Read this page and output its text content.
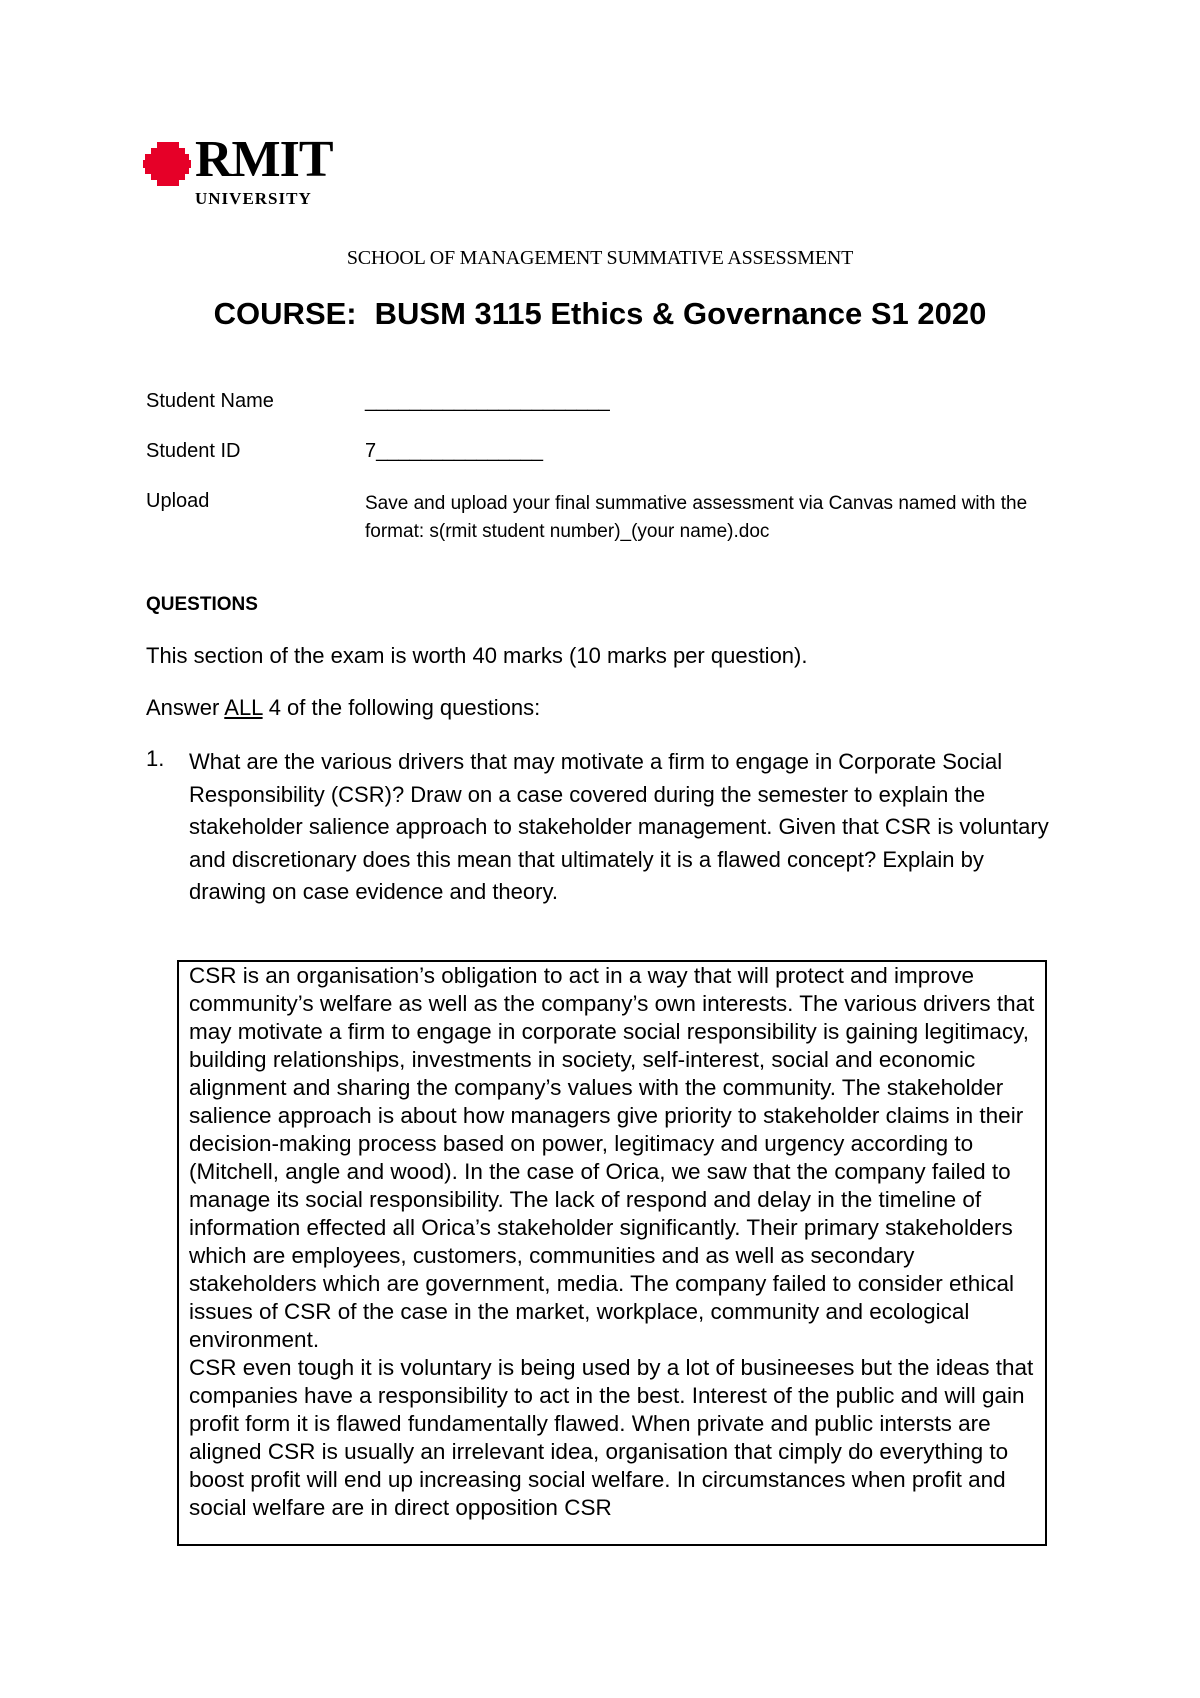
RMIT
UNIVERSITY
SCHOOL OF MANAGEMENT SUMMATIVE ASSESSMENT
COURSE: BUSM 3115 Ethics & Governance S1 2020
Student Name	______________________
Student ID	7_______________
Upload	Save and upload your final summative assessment via Canvas named with the format: s(rmit student number)_(your name).doc
QUESTIONS
This section of the exam is worth 40 marks (10 marks per question).
Answer ALL 4 of the following questions:
1. What are the various drivers that may motivate a firm to engage in Corporate Social Responsibility (CSR)? Draw on a case covered during the semester to explain the stakeholder salience approach to stakeholder management. Given that CSR is voluntary and discretionary does this mean that ultimately it is a flawed concept? Explain by drawing on case evidence and theory.

CSR is an organisation’s obligation to act in a way that will protect and improve community’s welfare as well as the company’s own interests. The various drivers that may motivate a firm to engage in corporate social responsibility is gaining legitimacy, building relationships, investments in society, self-interest, social and economic alignment and sharing the company’s values with the community. The stakeholder salience approach is about how managers give priority to stakeholder claims in their decision-making process based on power, legitimacy and urgency according to (Mitchell, angle and wood). In the case of Orica, we saw that the company failed to manage its social responsibility. The lack of respond and delay in the timeline of information effected all Orica’s stakeholder significantly. Their primary stakeholders which are employees, customers, communities and as well as secondary stakeholders which are government, media. The company failed to consider ethical issues of CSR of the case in the market, workplace, community and ecological environment.

CSR even tough it is voluntary is being used by a lot of busineeses but the ideas that companies have a responsibility to act in the best. Interest of the public and will gain profit form it is flawed fundamentally flawed. When private and public intersts are aligned CSR is usually an irrelevant idea, organisation that cimply do everything to boost profit will end up increasing social welfare. In circumstances when profit and social welfare are in direct opposition CSR
